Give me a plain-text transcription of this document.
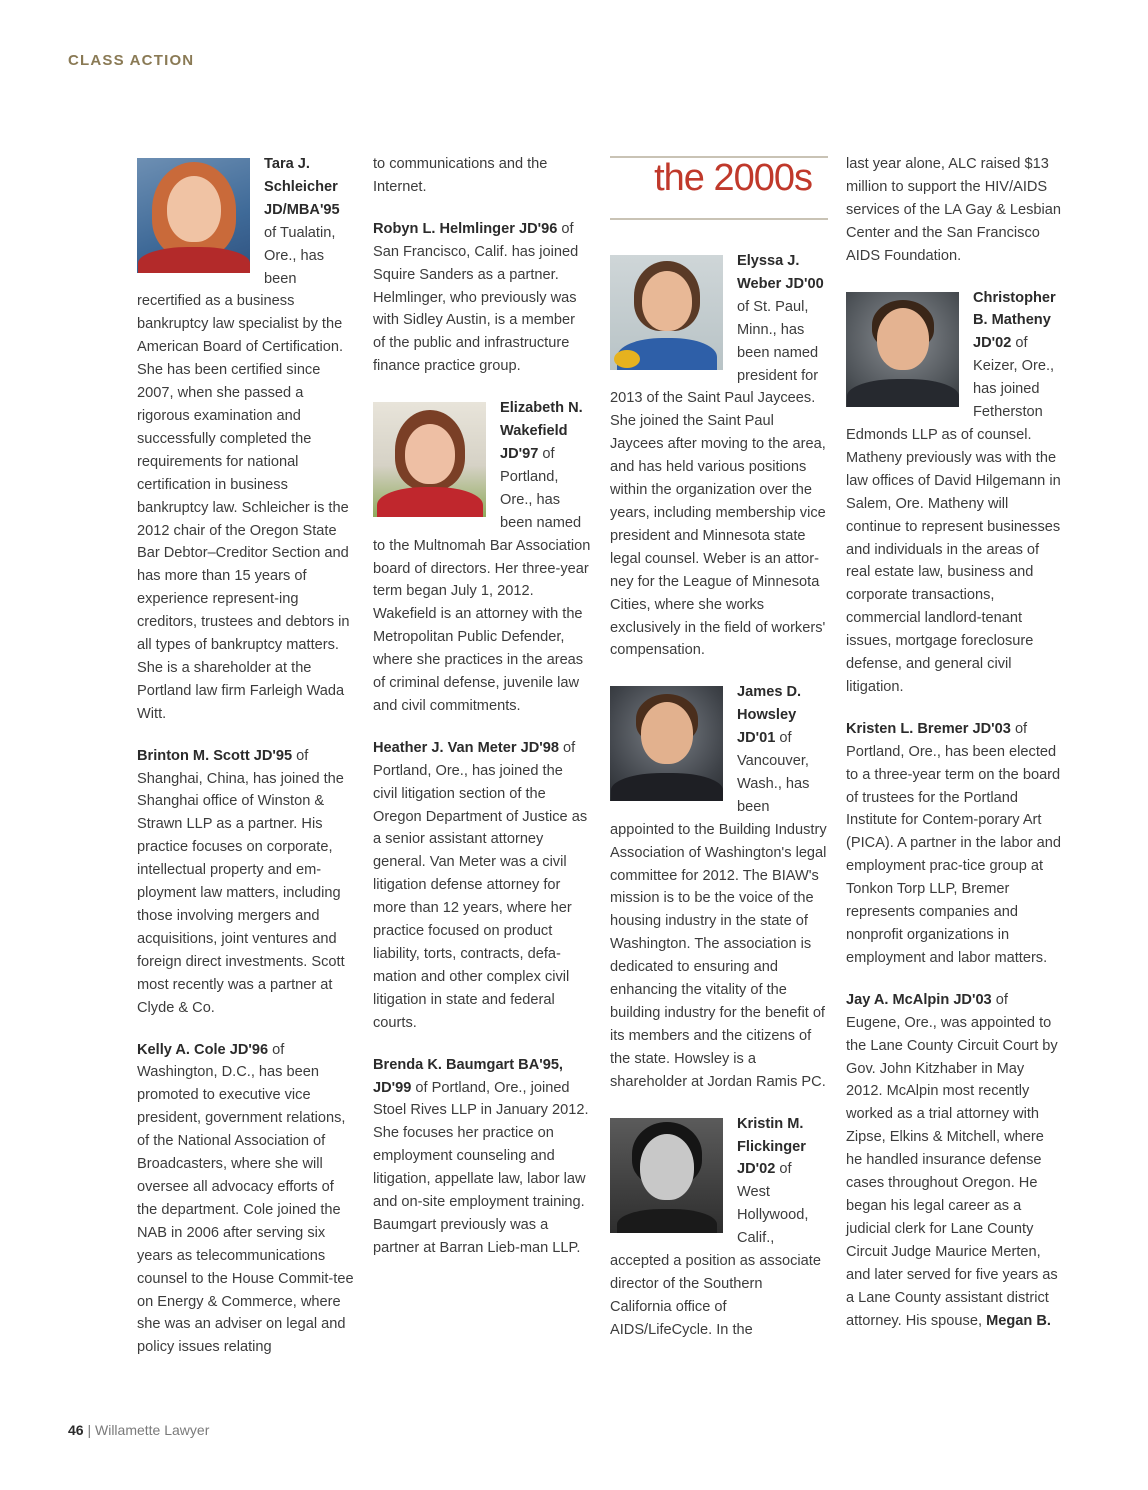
CLASS ACTION

Tara J. Schleicher JD/MBA'95 of Tualatin, Ore., has been recertified as a business bankruptcy law specialist by the American Board of Certification. She has been certified since 2007, when she passed a rigorous examination and successfully completed the requirements for national certification in business bankruptcy law. Schleicher is the 2012 chair of the Oregon State Bar Debtor–Creditor Section and has more than 15 years of experience represent-ing creditors, trustees and debtors in all types of bankruptcy matters. She is a shareholder at the Portland law firm Farleigh Wada Witt.

Brinton M. Scott JD'95 of Shanghai, China, has joined the Shanghai office of Winston & Strawn LLP as a partner. His practice focuses on corporate, intellectual property and em-ployment law matters, including those involving mergers and acquisitions, joint ventures and foreign direct investments. Scott most recently was a partner at Clyde & Co.

Kelly A. Cole JD'96 of Washington, D.C., has been promoted to executive vice president, government relations, of the National Association of Broadcasters, where she will oversee all advocacy efforts of the department. Cole joined the NAB in 2006 after serving six years as telecommunications counsel to the House Commit-tee on Energy & Commerce, where she was an adviser on legal and policy issues relating

to communications and the Internet.

Robyn L. Helmlinger JD'96 of San Francisco, Calif. has joined Squire Sanders as a partner. Helmlinger, who previously was with Sidley Austin, is a member of the public and infrastructure finance practice group.

Elizabeth N. Wakefield JD'97 of Portland, Ore., has been named to the Multnomah Bar Association board of directors. Her three-year term began July 1, 2012. Wakefield is an attorney with the Metropolitan Public Defender, where she practices in the areas of criminal defense, juvenile law and civil commitments.

Heather J. Van Meter JD'98 of Portland, Ore., has joined the civil litigation section of the Oregon Department of Justice as a senior assistant attorney general. Van Meter was a civil litigation defense attorney for more than 12 years, where her practice focused on product liability, torts, contracts, defa-mation and other complex civil litigation in state and federal courts.

Brenda K. Baumgart BA'95, JD'99 of Portland, Ore., joined Stoel Rives LLP in January 2012. She focuses her practice on employment counseling and litigation, appellate law, labor law and on-site employment training. Baumgart previously was a partner at Barran Lieb-man LLP.

the 2000s

Elyssa J. Weber JD'00 of St. Paul, Minn., has been named president for 2013 of the Saint Paul Jaycees. She joined the Saint Paul Jaycees after moving to the area, and has held various positions within the organization over the years, including membership vice president and Minnesota state legal counsel. Weber is an attor-ney for the League of Minnesota Cities, where she works exclusively in the field of workers' compensation.

James D. Howsley JD'01 of Vancouver, Wash., has been appointed to the Building Industry Association of Washington's legal committee for 2012. The BIAW's mission is to be the voice of the housing industry in the state of Washington. The association is dedicated to ensuring and enhancing the vitality of the building industry for the benefit of its members and the citizens of the state. Howsley is a shareholder at Jordan Ramis PC.

Kristin M. Flickinger JD'02 of West Hollywood, Calif., accepted a position as associate director of the Southern California office of AIDS/LifeCycle. In the

last year alone, ALC raised $13 million to support the HIV/AIDS services of the LA Gay & Lesbian Center and the San Francisco AIDS Foundation.

Christopher B. Matheny JD'02 of Keizer, Ore., has joined Fetherston Edmonds LLP as of counsel. Matheny previously was with the law offices of David Hilgemann in Salem, Ore. Matheny will continue to represent businesses and individuals in the areas of real estate law, business and corporate transactions, commercial landlord-tenant issues, mortgage foreclosure defense, and general civil litigation.

Kristen L. Bremer JD'03 of Portland, Ore., has been elected to a three-year term on the board of trustees for the Portland Institute for Contem-porary Art (PICA). A partner in the labor and employment prac-tice group at Tonkon Torp LLP, Bremer represents companies and nonprofit organizations in employment and labor matters.

Jay A. McAlpin JD'03 of Eugene, Ore., was appointed to the Lane County Circuit Court by Gov. John Kitzhaber in May 2012. McAlpin most recently worked as a trial attorney with Zipse, Elkins & Mitchell, where he handled insurance defense cases throughout Oregon. He began his legal career as a judicial clerk for Lane County Circuit Judge Maurice Merten, and later served for five years as a Lane County assistant district attorney. His spouse, Megan B.

46 | Willamette Lawyer
